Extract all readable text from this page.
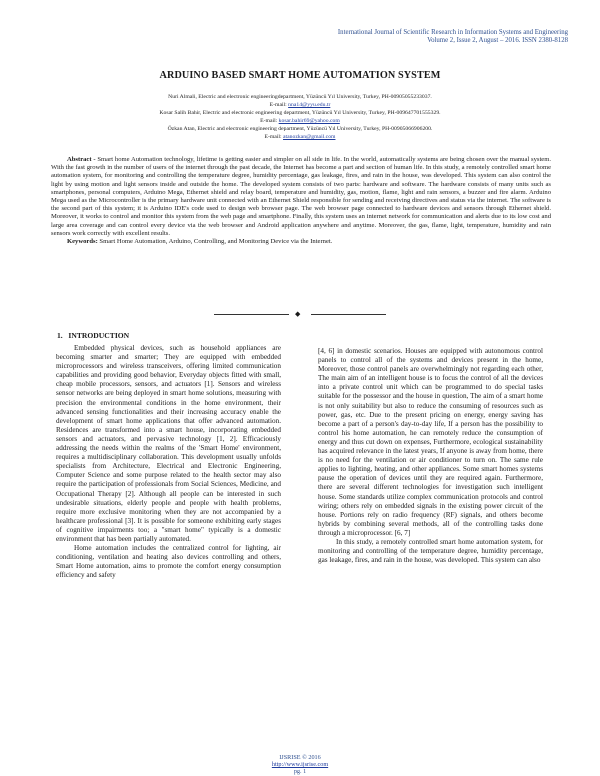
International Journal of Scientific Research in Information Systems and Engineering
Volume 2, Issue 2, August – 2016. ISSN 2380-8128
ARDUINO BASED SMART HOME AUTOMATION SYSTEM
Nuri Almali, Electric and electronic engineeringdepartment, Yüzüncü Yıl University, Turkey, PH-00905055233037.
E-mail: nna14@yyu.edu.tr
Kosar Salih Bahir, Electric and electronic engineering department, Yüzüncü Yıl University, Turkey, PH-009647701555329.
E-mail: kosar.bahir69@yahoo.com
Özkan Atan, Electric and electronic engineering department, Yüzüncü Yıl University, Turkey, PH-00905066906200.
E-mail: atanozkan@gmail.com

Abstract - Smart home Automation technology, lifetime is getting easier and simpler on all side in life. In the world, automatically systems are being chosen over the manual system. With the fast growth in the number of users of the internet through the past decade, the Internet has become a part and section of human life. In this study, a remotely controlled smart home automation system, for monitoring and controlling the temperature degree, humidity percentage, gas leakage, fires, and rain in the house, was developed. This system can also control the light by using motion and light sensors inside and outside the home. The developed system consists of two parts: hardware and software. The hardware consists of many units such as smartphones, personal computers, Arduino Mega, Ethernet shield and relay board, temperature and humidity, gas, motion, flame, light and rain sensors, a buzzer and fire alarm. Arduino Mega used as the Microcontroller is the primary hardware unit connected with an Ethernet Shield responsible for sending and receiving directives and status via the internet. The software is the second part of this system; it is Arduino IDE's code used to design web browser page. The web browser page connected to hardware devices and sensors through Ethernet shield. Moreover, it works to control and monitor this system from the web page and smartphone. Finally, this system uses an internet network for communication and alerts due to its low cost and large area coverage and can control every device via the web browser and Android application anywhere and anytime. Moreover, the gas, flame, light, temperature, humidity and rain sensors work correctly with excellent results.

Keywords: Smart Home Automation, Arduino, Controlling, and Monitoring Device via the Internet.

◆
1. INTRODUCTION

Embedded physical devices, such as household appliances are becoming smarter and smarter; They are equipped with embedded microprocessors and wireless transceivers, offering limited communication capabilities and providing good behavior, Everyday objects fitted with small, cheap mobile processors, sensors, and actuators [1]. Sensors and wireless sensor networks are being deployed in smart home solutions, measuring with precision the environmental conditions in the home environment, their advanced sensing functionalities and their increasing accuracy enable the development of smart home applications that offer advanced automation. Residences are transformed into a smart house, incorporating embedded sensors and actuators, and pervasive technology [1, 2]. Efficaciously addressing the needs within the realms of the 'Smart Home' environment, requires a multidisciplinary collaboration. This development usually unfolds specialists from Architecture, Electrical and Electronic Engineering, Computer Science and some purpose related to the health sector may also require the participation of professionals from Social Sciences, Medicine, and Occupational Therapy [2]. Although all people can be interested in such undesirable situations, elderly people and people with health problems, require more exclusive monitoring when they are not accompanied by a healthcare professional [3]. It is possible for someone exhibiting early stages of cognitive impairments too; a "smart home" typically is a domestic environment that has been partially automated.

Home automation includes the centralized control for lighting, air conditioning, ventilation and heating also devices controlling and others, Smart Home automation, aims to promote the comfort energy consumption efficiency and safety

[4, 6] in domestic scenarios. Houses are equipped with autonomous control panels to control all of the systems and devices present in the home, Moreover, those control panels are overwhelmingly not regarding each other, The main aim of an intelligent house is to focus the control of all the devices into a private control unit which can be programmed to do special tasks suitable for the possessor and the house in question, The aim of a smart home is not only suitability but also to reduce the consuming of resources such as power, gas, etc. Due to the present pricing on energy, energy saving has become a part of a person's day-to-day life, If a person has the possibility to control his home automation, he can remotely reduce the consumption of energy and thus cut down on expenses, Furthermore, ecological sustainability has acquired relevance in the latest years, If anyone is away from home, there is no need for the ventilation or air conditioner to turn on. The same rule applies to lighting, heating, and other appliances. Some smart homes systems pause the operation of devices until they are required again. Furthermore, there are several different technologies for investigation such intelligent house. Some standards utilize complex communication protocols and control wiring; others rely on embedded signals in the existing power circuit of the house. Portions rely on radio frequency (RF) signals, and others become hybrids by combining several methods, all of the controlling tasks done through a microprocessor. [6, 7]

In this study, a remotely controlled smart home automation system, for monitoring and controlling of the temperature degree, humidity percentage, gas leakage, fires, and rain in the house, was developed. This system can also

IJSRISE © 2016
http://www.ijsrise.com
pg. 1
